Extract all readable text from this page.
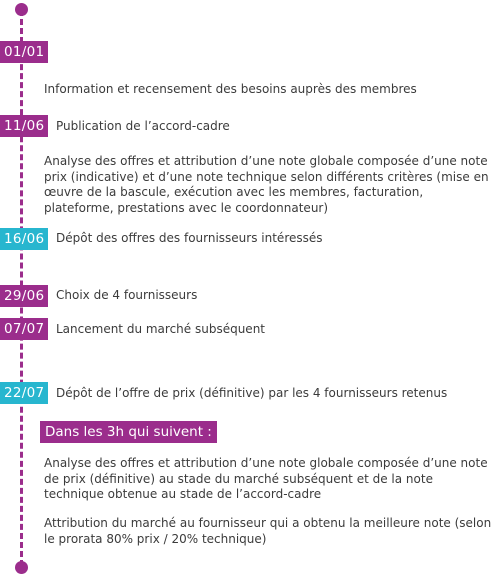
01/01
Information et recensement des besoins auprès des membres
11/06 Publication de l’accord-cadre
Analyse des offres et attribution d’une note globale composée d’une note prix (indicative) et d’une note technique selon différents critères (mise en œuvre de la bascule, exécution avec les membres, facturation, plateforme, prestations avec le coordonnateur)
16/06 Dépôt des offres des fournisseurs intéressés
29/06 Choix de 4 fournisseurs
07/07 Lancement du marché subséquent
22/07 Dépôt de l’offre de prix (définitive) par les 4 fournisseurs retenus
Dans les 3h qui suivent :
Analyse des offres et attribution d’une note globale composée d’une note de prix (définitive) au stade du marché subséquent et de la note technique obtenue au stade de l’accord-cadre
Attribution du marché au fournisseur qui a obtenu la meilleure note (selon le prorata 80% prix / 20% technique)
